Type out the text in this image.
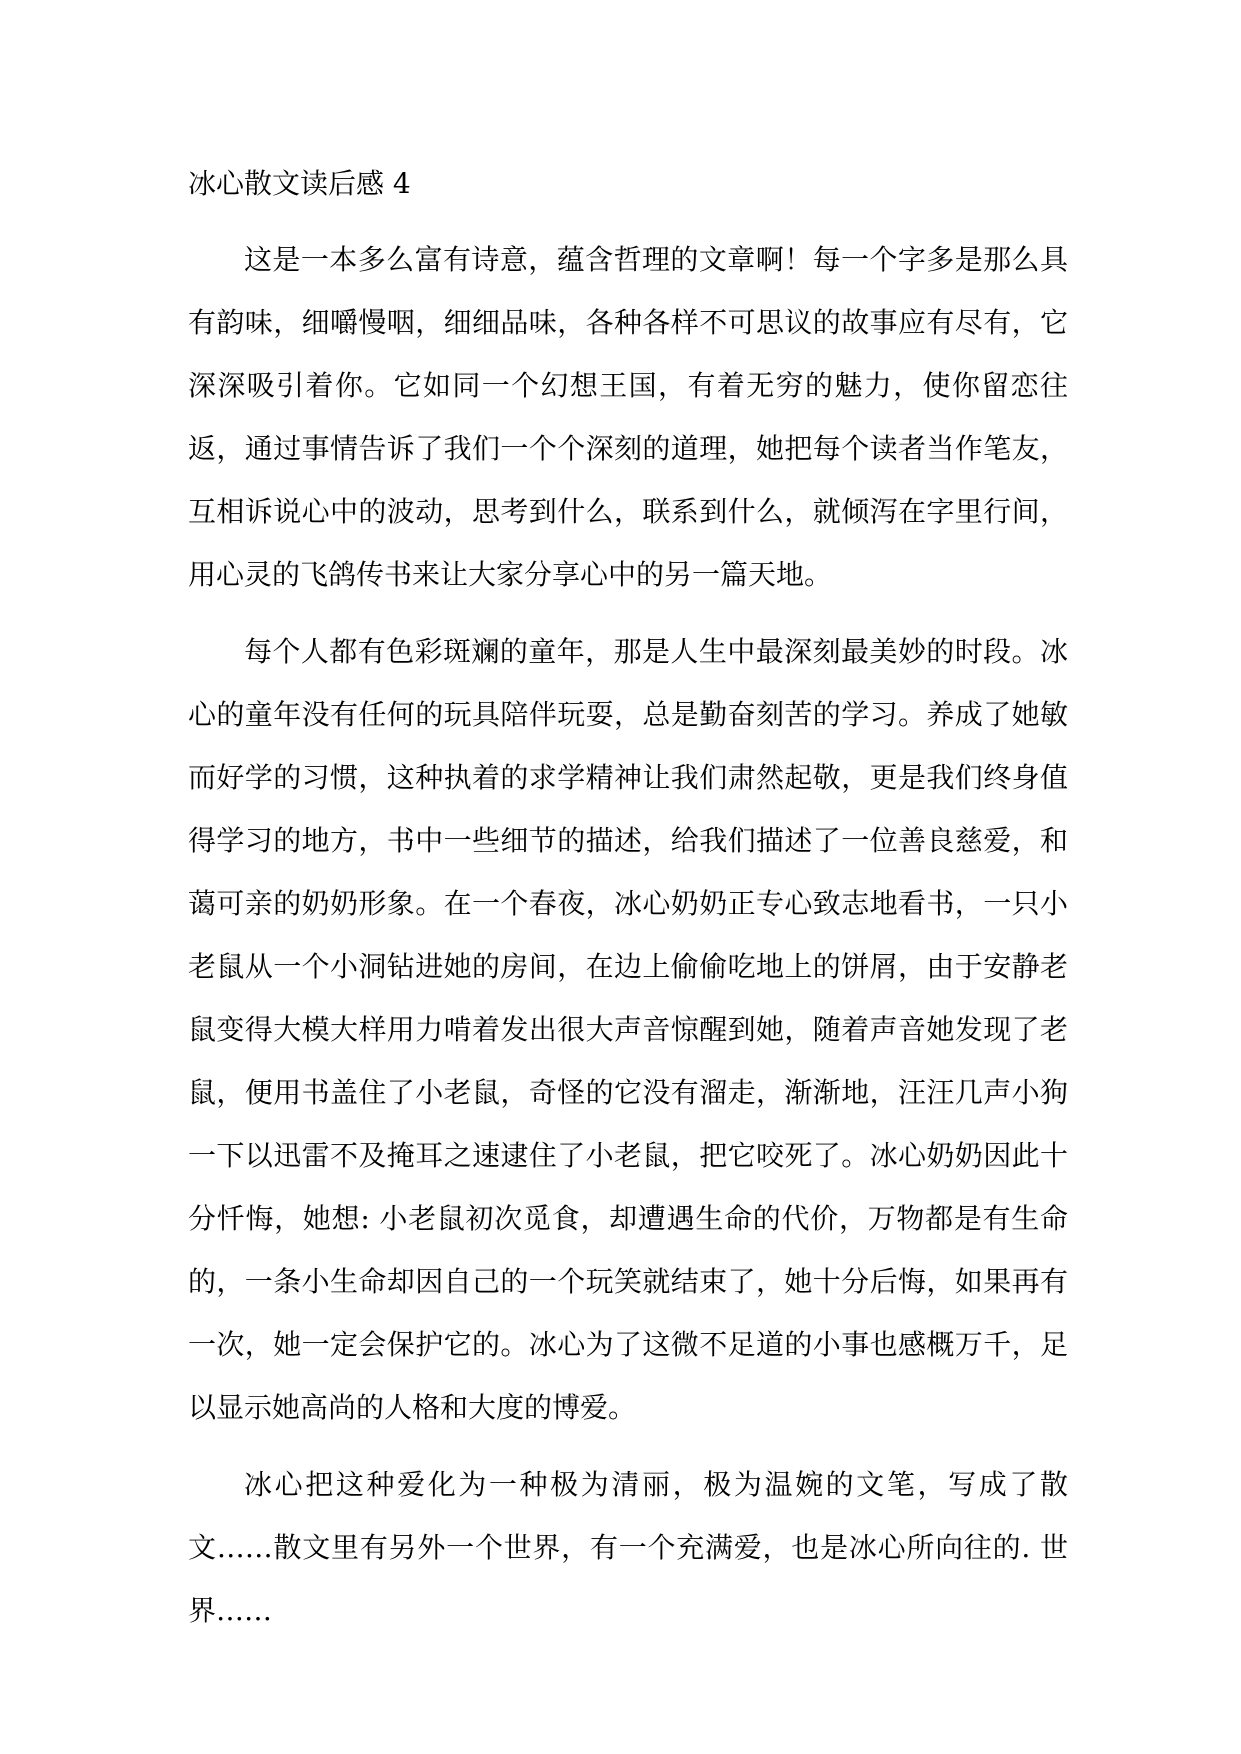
冰心散文读后感 4

这是一本多么富有诗意，蕴含哲理的文章啊！每一个字多是那么具有韵味，细嚼慢咽，细细品味，各种各样不可思议的故事应有尽有，它深深吸引着你。它如同一个幻想王国，有着无穷的魅力，使你留恋往返，通过事情告诉了我们一个个深刻的道理，她把每个读者当作笔友，互相诉说心中的波动，思考到什么，联系到什么，就倾泻在字里行间，用心灵的飞鸽传书来让大家分享心中的另一篇天地。

每个人都有色彩斑斓的童年，那是人生中最深刻最美妙的时段。冰心的童年没有任何的玩具陪伴玩耍，总是勤奋刻苦的学习。养成了她敏而好学的习惯，这种执着的求学精神让我们肃然起敬，更是我们终身值得学习的地方，书中一些细节的描述，给我们描述了一位善良慈爱，和蔼可亲的奶奶形象。在一个春夜，冰心奶奶正专心致志地看书，一只小老鼠从一个小洞钻进她的房间，在边上偷偷吃地上的饼屑，由于安静老鼠变得大模大样用力啃着发出很大声音惊醒到她，随着声音她发现了老鼠，便用书盖住了小老鼠，奇怪的它没有溜走，渐渐地，汪汪几声小狗一下以迅雷不及掩耳之速逮住了小老鼠，把它咬死了。冰心奶奶因此十分忏悔，她想: 小老鼠初次觅食，却遭遇生命的代价，万物都是有生命的，一条小生命却因自己的一个玩笑就结束了，她十分后悔，如果再有一次，她一定会保护它的。冰心为了这微不足道的小事也感概万千，足以显示她高尚的人格和大度的博爱。

冰心把这种爱化为一种极为清丽，极为温婉的文笔，写成了散文……散文里有另外一个世界，有一个充满爱，也是冰心所向往的. 世界……
